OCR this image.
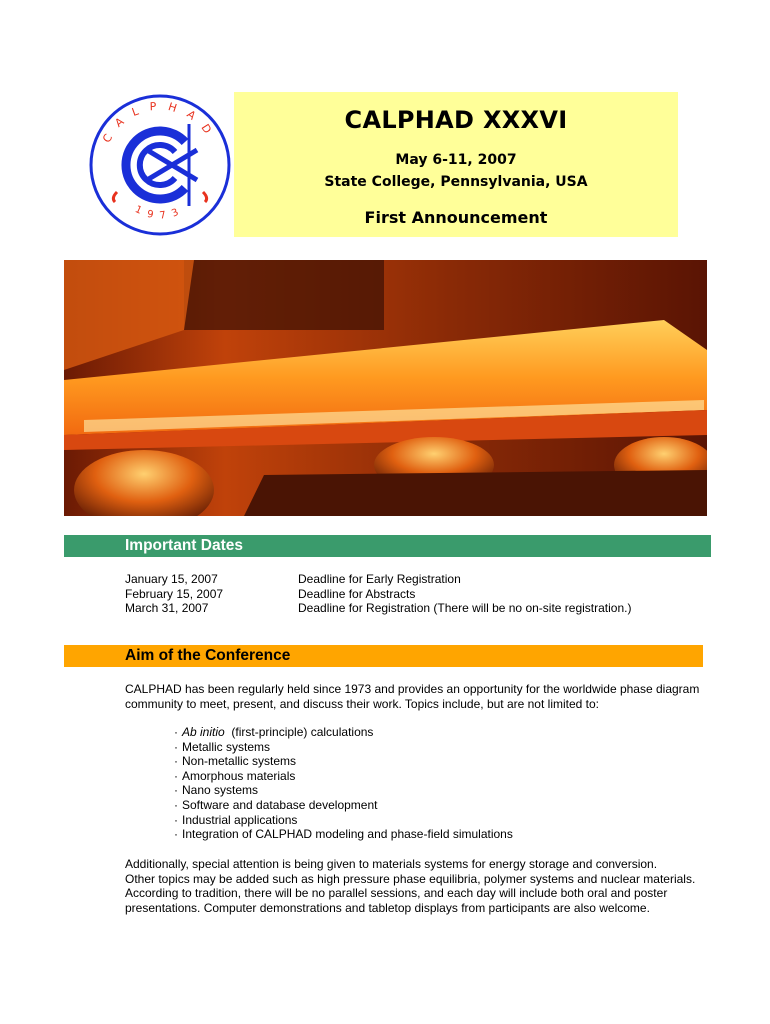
CALPHAD
1973
CALPHAD XXXVI
May 6-11, 2007
State College, Pennsylvania, USA
First Announcement
Important Dates
January 15, 2007	Deadline for Early Registration
February 15, 2007	Deadline for Abstracts
March 31, 2007	Deadline for Registration (There will be no on-site registration.)
Aim of the Conference
CALPHAD has been regularly held since 1973 and provides an opportunity for the worldwide phase diagram
community to meet, present, and discuss their work. Topics include, but are not limited to:
· Ab initio (first-principle) calculations
· Metallic systems
· Non-metallic systems
· Amorphous materials
· Nano systems
· Software and database development
· Industrial applications
· Integration of CALPHAD modeling and phase-field simulations
Additionally, special attention is being given to materials systems for energy storage and conversion.
Other topics may be added such as high pressure phase equilibria, polymer systems and nuclear materials.
According to tradition, there will be no parallel sessions, and each day will include both oral and poster
presentations. Computer demonstrations and tabletop displays from participants are also welcome.
